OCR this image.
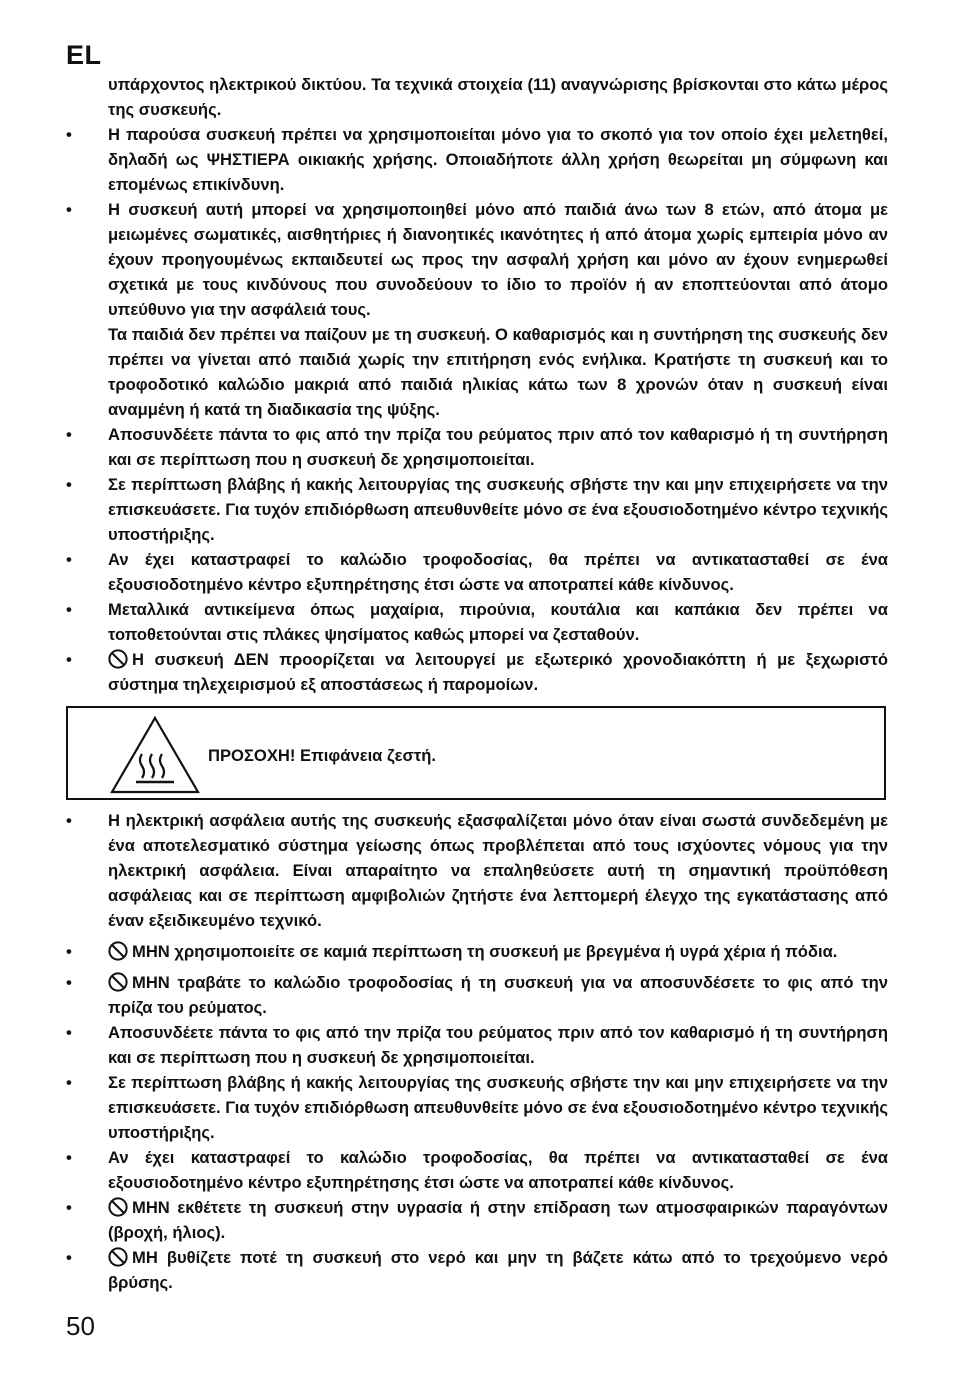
EL

υπάρχοντος ηλεκτρικού δικτύου. Τα τεχνικά στοιχεία (11) αναγνώρισης βρίσκονται στο κάτω μέρος της συσκευής.

• Η παρούσα συσκευή πρέπει να χρησιμοποιείται μόνο για το σκοπό για τον οποίο έχει μελετηθεί, δηλαδή ως ΨΗΣΤΙΕΡΑ οικιακής χρήσης. Οποιαδήποτε άλλη χρήση θεωρείται μη σύμφωνη και επομένως επικίνδυνη.

• Η συσκευή αυτή μπορεί να χρησιμοποιηθεί μόνο από παιδιά άνω των 8 ετών, από άτομα με μειωμένες σωματικές, αισθητήριες ή διανοητικές ικανότητες ή από άτομα χωρίς εμπειρία μόνο αν έχουν προηγουμένως εκπαιδευτεί ως προς την ασφαλή χρήση και μόνο αν έχουν ενημερωθεί σχετικά με τους κινδύνους που συνοδεύουν το ίδιο το προϊόν ή αν εποπτεύονται από άτομο υπεύθυνο για την ασφάλειά τους.

Τα παιδιά δεν πρέπει να παίζουν με τη συσκευή. Ο καθαρισμός και η συντήρηση της συσκευής δεν πρέπει να γίνεται από παιδιά χωρίς την επιτήρηση ενός ενήλικα. Κρατήστε τη συσκευή και το τροφοδοτικό καλώδιο μακριά από παιδιά ηλικίας κάτω των 8 χρονών όταν η συσκευή είναι αναμμένη ή κατά τη διαδικασία της ψύξης.

• Αποσυνδέετε πάντα το φις από την πρίζα του ρεύματος πριν από τον καθαρισμό ή τη συντήρηση και σε περίπτωση που η συσκευή δε χρησιμοποιείται.

• Σε περίπτωση βλάβης ή κακής λειτουργίας της συσκευής σβήστε την και μην επιχειρήσετε να την επισκευάσετε. Για τυχόν επιδιόρθωση απευθυνθείτε μόνο σε ένα εξουσιοδοτημένο κέντρο τεχνικής υποστήριξης.

• Αν έχει καταστραφεί το καλώδιο τροφοδοσίας, θα πρέπει να αντικατασταθεί σε ένα εξουσιοδοτημένο κέντρο εξυπηρέτησης έτσι ώστε να αποτραπεί κάθε κίνδυνος.

• Μεταλλικά αντικείμενα όπως μαχαίρια, πιρούνια, κουτάλια και καπάκια δεν πρέπει να τοποθετούνται στις πλάκες ψησίματος καθώς μπορεί να ζεσταθούν.

•	Η συσκευή ΔΕΝ προορίζεται να λειτουργεί με εξωτερικό χρονοδιακόπτη ή με ξεχωριστό σύστημα τηλεχειρισμού εξ αποστάσεως ή παρομοίων.

ΠΡΟΣΟΧΗ! Επιφάνεια ζεστή.
• Η ηλεκτρική ασφάλεια αυτής της συσκευής εξασφαλίζεται μόνο όταν είναι σωστά συνδεδεμένη με ένα αποτελεσματικό σύστημα γείωσης όπως προβλέπεται από τους ισχύοντες νόμους για την ηλεκτρική ασφάλεια. Είναι απαραίτητο να επαληθεύσετε αυτή τη σημαντική προϋπόθεση ασφάλειας και σε περίπτωση αμφιβολιών ζητήστε ένα λεπτομερή έλεγχο της εγκατάστασης από έναν εξειδικευμένο τεχνικό.

•	ΜΗΝ χρησιμοποιείτε σε καμιά περίπτωση τη συσκευή με βρεγμένα ή υγρά χέρια ή πόδια.

•	ΜΗΝ τραβάτε το καλώδιο τροφοδοσίας ή τη συσκευή για να αποσυνδέσετε το φις από την πρίζα του ρεύματος.

• Αποσυνδέετε πάντα το φις από την πρίζα του ρεύματος πριν από τον καθαρισμό ή τη συντήρηση και σε περίπτωση που η συσκευή δε χρησιμοποιείται.

• Σε περίπτωση βλάβης ή κακής λειτουργίας της συσκευής σβήστε την και μην επιχειρήσετε να την επισκευάσετε. Για τυχόν επιδιόρθωση απευθυνθείτε μόνο σε ένα εξουσιοδοτημένο κέντρο τεχνικής υποστήριξης.

• Αν έχει καταστραφεί το καλώδιο τροφοδοσίας, θα πρέπει να αντικατασταθεί σε ένα εξουσιοδοτημένο κέντρο εξυπηρέτησης έτσι ώστε να αποτραπεί κάθε κίνδυνος.

•	ΜΗΝ εκθέτετε τη συσκευή στην υγρασία ή στην επίδραση των ατμοσφαιρικών παραγόντων (βροχή, ήλιος).

•	ΜΗ βυθίζετε ποτέ τη συσκευή στο νερό και μην τη βάζετε κάτω από το τρεχούμενο νερό βρύσης.

50
